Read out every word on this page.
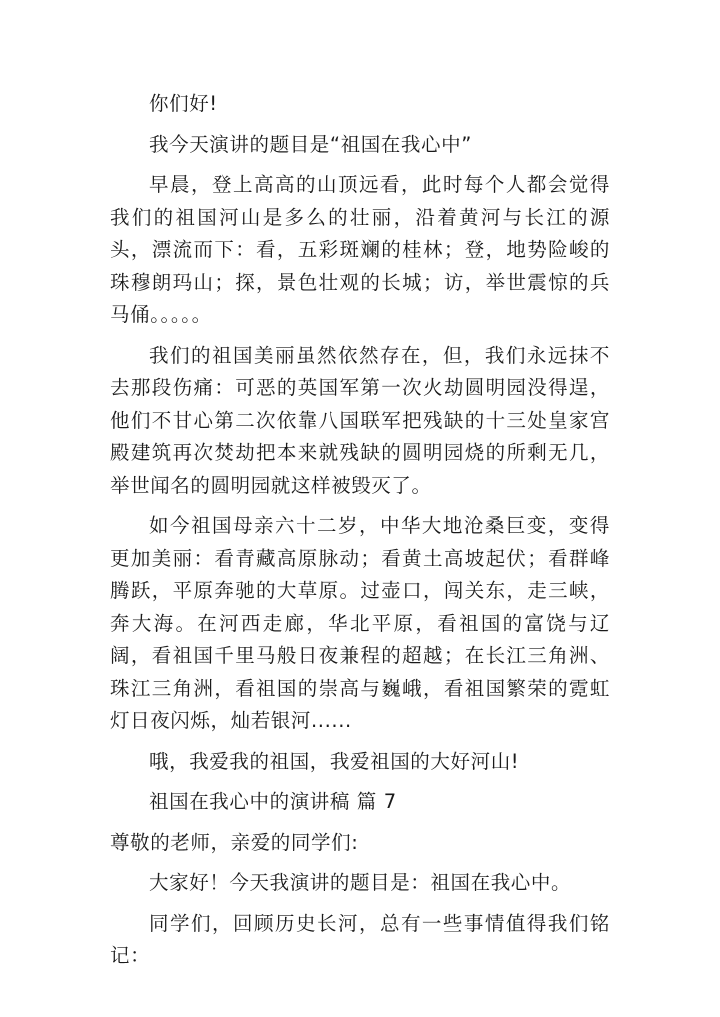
你们好!

我今天演讲的题目是“祖国在我心中”

早晨，登上高高的山顶远看，此时每个人都会觉得我们的祖国河山是多么的壮丽，沿着黄河与长江的源头，漂流而下：看，五彩斑斓的桂林；登，地势险峻的珠穆朗玛山；探，景色壮观的长城；访，举世震惊的兵马俑。。。。。

我们的祖国美丽虽然依然存在，但，我们永远抹不去那段伤痛：可恶的英国军第一次火劫圆明园没得逞，他们不甘心第二次依靠八国联军把残缺的十三处皇家宫殿建筑再次焚劫把本来就残缺的圆明园烧的所剩无几，举世闻名的圆明园就这样被毁灭了。

如今祖国母亲六十二岁，中华大地沧桑巨变，变得更加美丽：看青藏高原脉动；看黄土高坡起伏；看群峰腾跃，平原奔驰的大草原。过壶口，闯关东，走三峡，奔大海。在河西走廊，华北平原，看祖国的富饶与辽阔，看祖国千里马般日夜兼程的超越；在长江三角洲、珠江三角洲，看祖国的崇高与巍峨，看祖国繁荣的霓虹灯日夜闪烁，灿若银河......

哦，我爱我的祖国，我爱祖国的大好河山!

祖国在我心中的演讲稿 篇 7

尊敬的老师，亲爱的同学们:

大家好！今天我演讲的题目是：祖国在我心中。

同学们，回顾历史长河，总有一些事情值得我们铭记：
